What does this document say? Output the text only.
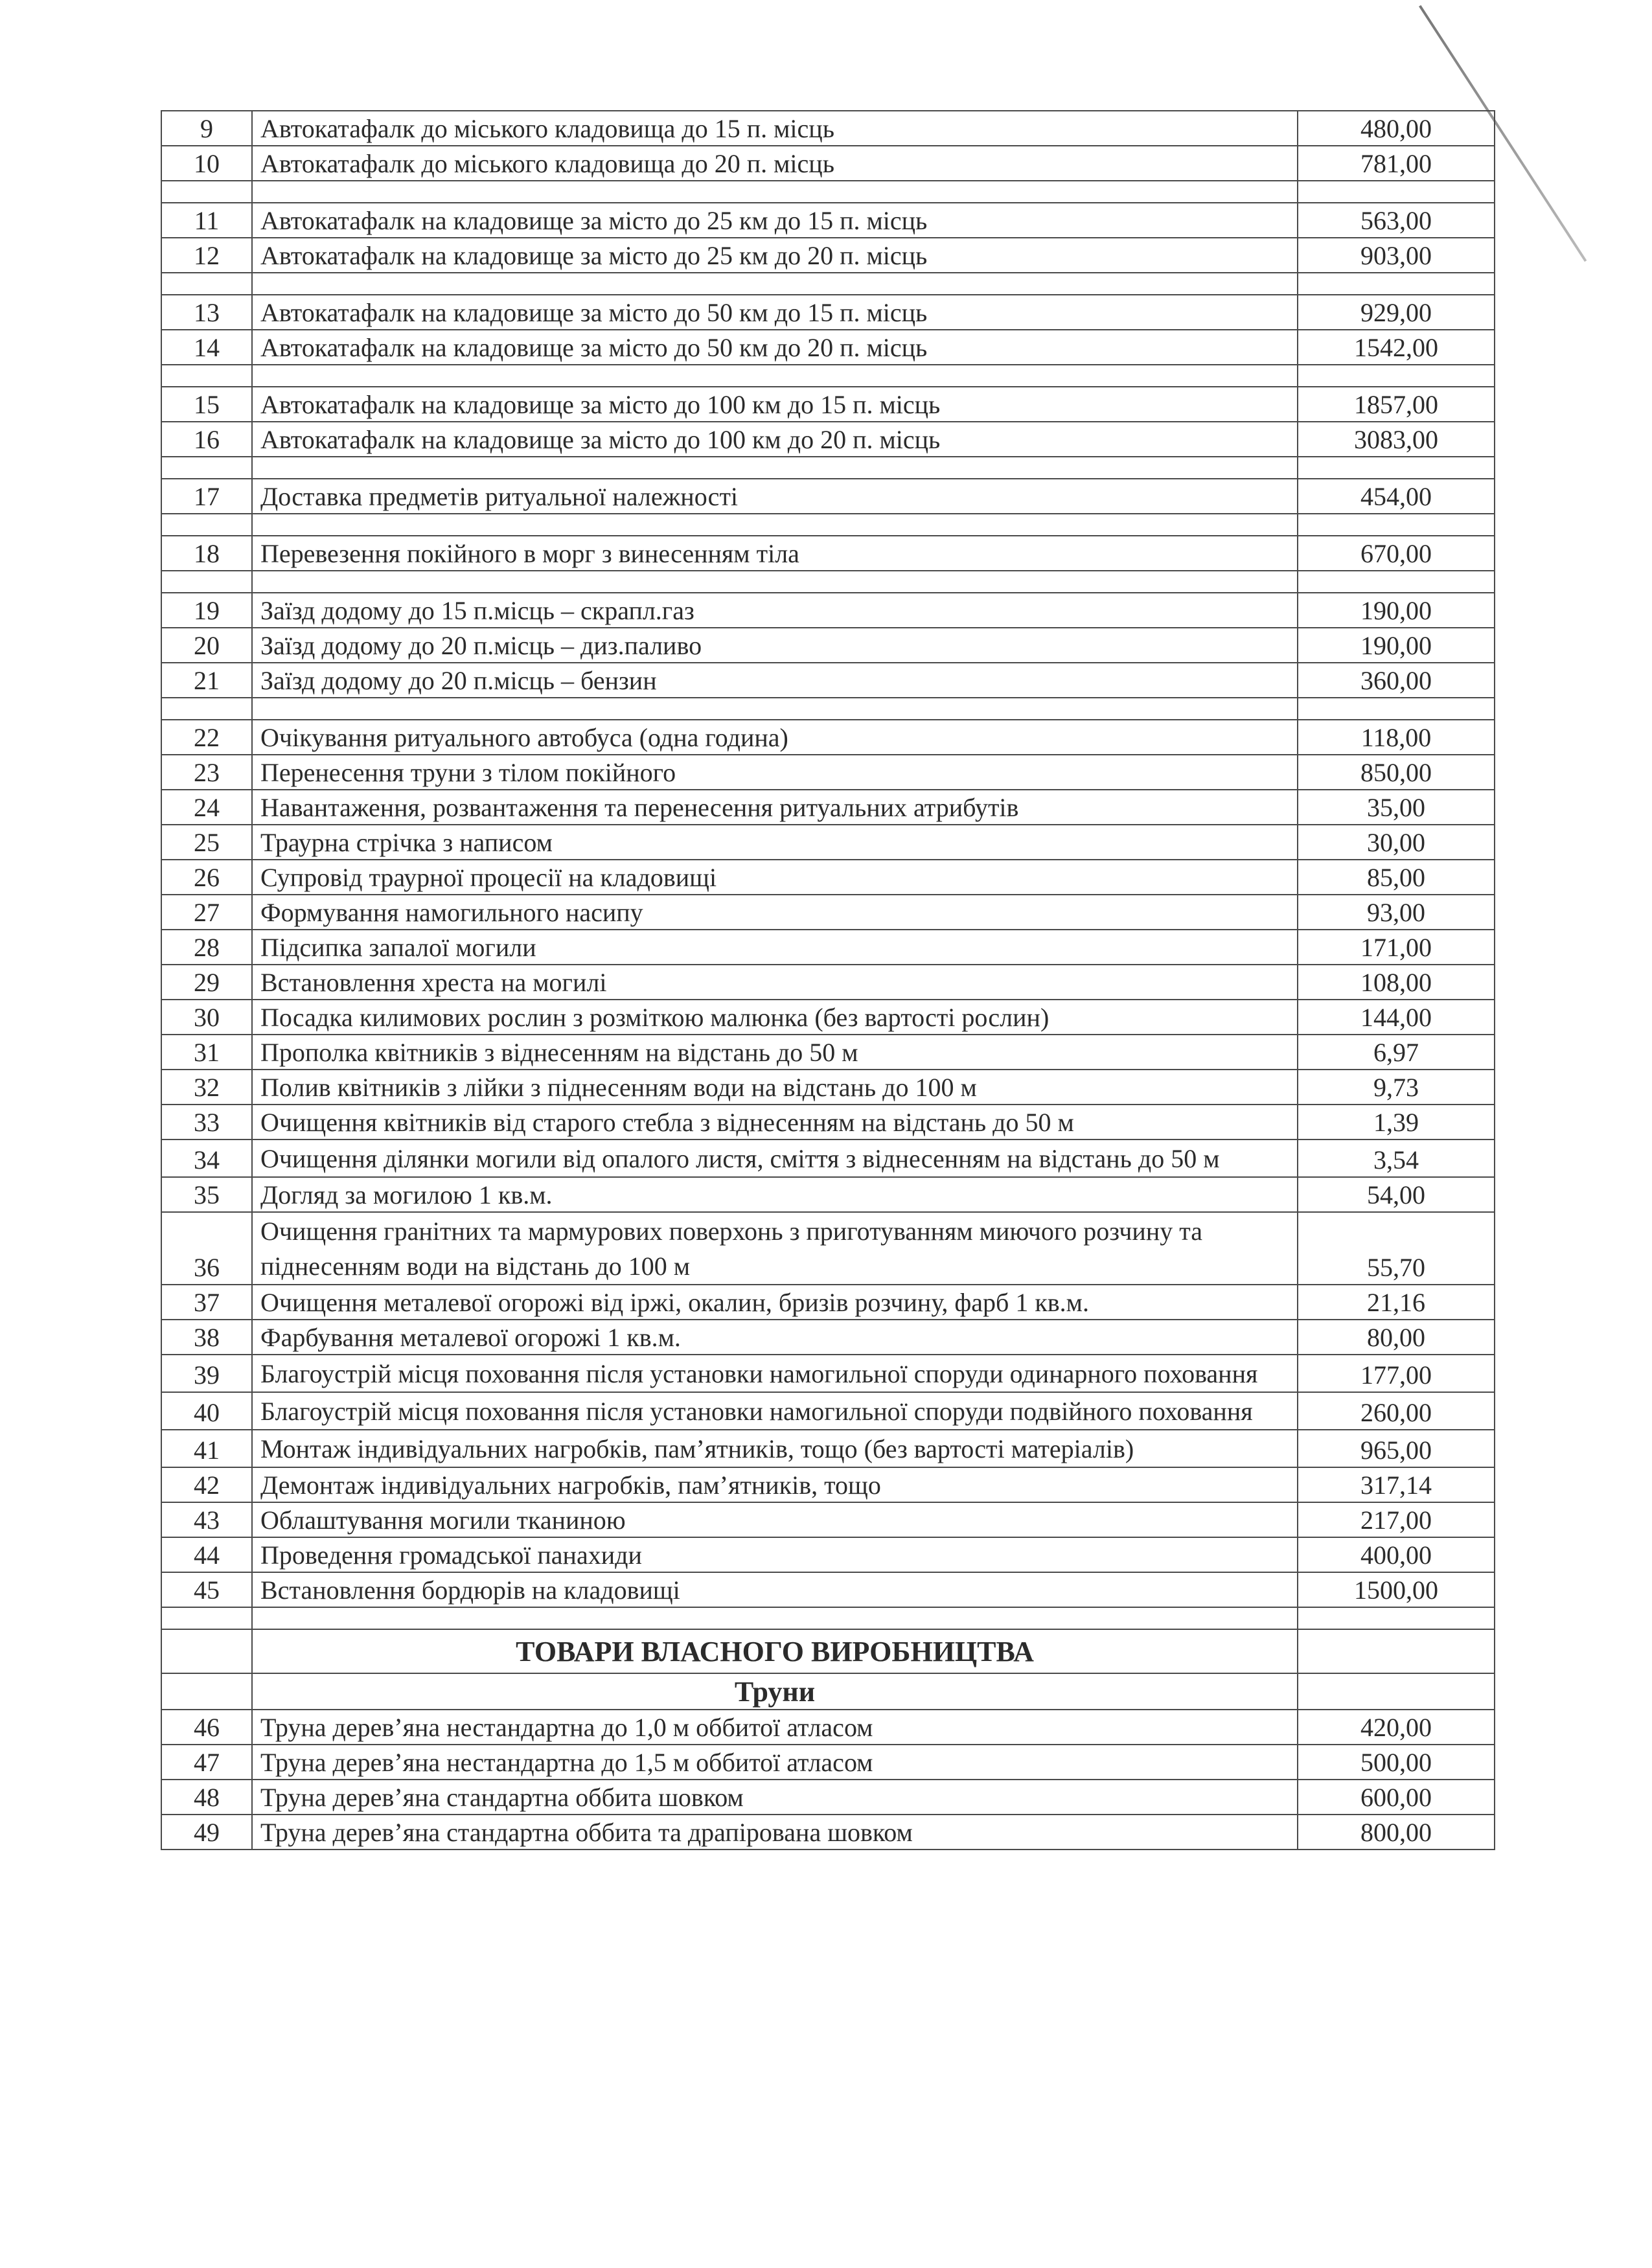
9	Автокатафалк до міського кладовища до 15 п. місць	480,00
10	Автокатафалк до міського кладовища до 20 п. місць	781,00

11	Автокатафалк на кладовище за місто до 25 км до 15 п. місць	563,00
12	Автокатафалк на кладовище за місто до 25 км до 20 п. місць	903,00

13	Автокатафалк на кладовище за місто до 50 км до 15 п. місць	929,00
14	Автокатафалк на кладовище за місто до 50 км до 20 п. місць	1542,00

15	Автокатафалк на кладовище за місто до 100 км до 15 п. місць	1857,00
16	Автокатафалк на кладовище за місто до 100 км до 20 п. місць	3083,00

17	Доставка предметів ритуальної належності	454,00

18	Перевезення покійного в морг з винесенням тіла	670,00

19	Заїзд додому до 15 п.місць – скрапл.газ	190,00
20	Заїзд додому до 20 п.місць – диз.паливо	190,00
21	Заїзд додому до 20 п.місць – бензин	360,00

22	Очікування ритуального автобуса (одна година)	118,00
23	Перенесення труни з тілом покійного	850,00
24	Навантаження, розвантаження та перенесення ритуальних атрибутів	35,00
25	Траурна стрічка з написом	30,00
26	Супровід траурної процесії на кладовищі	85,00
27	Формування намогильного насипу	93,00
28	Підсипка запалої могили	171,00
29	Встановлення хреста на могилі	108,00
30	Посадка килимових рослин з розміткою малюнка (без вартості рослин)	144,00
31	Прополка квітників з віднесенням на відстань до 50 м	6,97
32	Полив квітників з лійки з піднесенням води на відстань до 100 м	9,73
33	Очищення квітників від старого стебла з віднесенням на відстань до 50 м	1,39
34	Очищення ділянки могили від опалого листя, сміття з віднесенням на відстань до 50 м	3,54
35	Догляд за могилою 1 кв.м.	54,00
36	Очищення гранітних та мармурових поверхонь з приготуванням миючого розчину та піднесенням води на відстань до 100 м	55,70
37	Очищення металевої огорожі від іржі, окалин, бризів розчину, фарб 1 кв.м.	21,16
38	Фарбування металевої огорожі 1 кв.м.	80,00
39	Благоустрій місця поховання після установки намогильної споруди одинарного поховання	177,00
40	Благоустрій місця поховання після установки намогильної споруди подвійного поховання	260,00
41	Монтаж індивідуальних нагробків, пам’ятників, тощо (без вартості матеріалів)	965,00
42	Демонтаж індивідуальних нагробків, пам’ятників, тощо	317,14
43	Облаштування могили тканиною	217,00
44	Проведення громадської панахиди	400,00
45	Встановлення бордюрів на кладовищі	1500,00

	ТОВАРИ ВЛАСНОГО ВИРОБНИЦТВА	
	Труни	
46	Труна дерев’яна нестандартна до 1,0 м оббитої атласом	420,00
47	Труна дерев’яна нестандартна до 1,5 м оббитої атласом	500,00
48	Труна дерев’яна стандартна оббита шовком	600,00
49	Труна дерев’яна стандартна оббита та драпірована шовком	800,00
